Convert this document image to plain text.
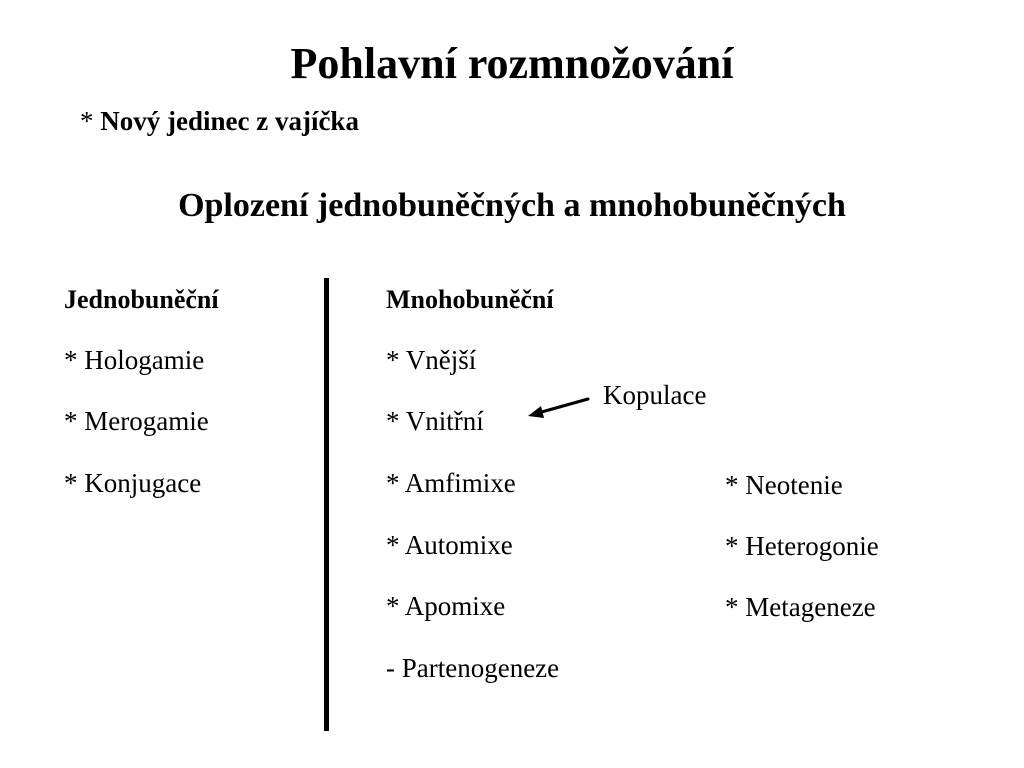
Pohlavní rozmnožování
* Nový jedinec z vajíčka
Oplození jednobuněčných a mnohobuněčných
Jednobuněční
* Hologamie
* Merogamie
* Konjugace
Mnohobuněční
* Vnější
* Vnitřní
* Amfimixe
* Automixe
* Apomixe
- Partenogeneze
Kopulace
* Neotenie
* Heterogonie
* Metageneze
